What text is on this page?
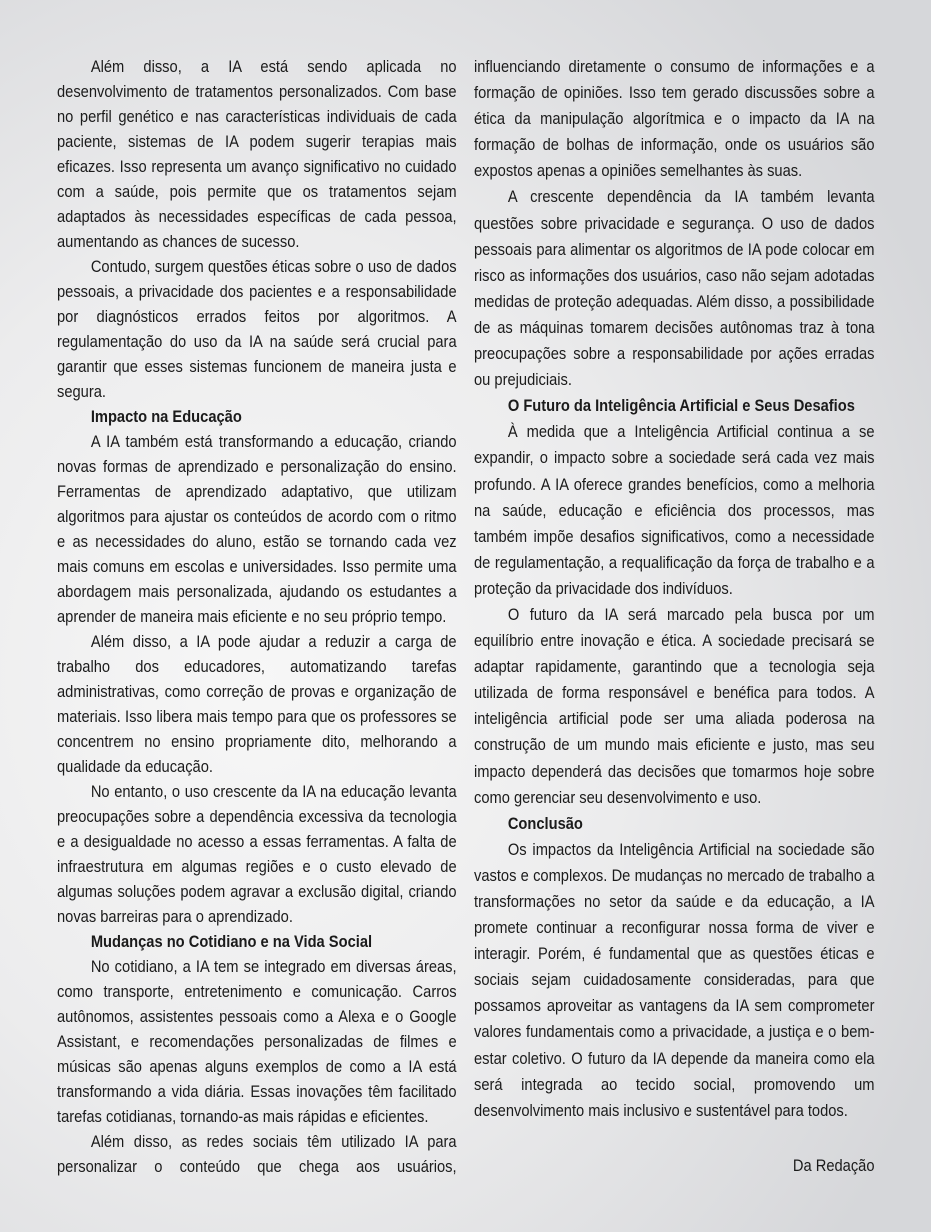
Além disso, a IA está sendo aplicada no desenvolvimento de tratamentos personalizados. Com base no perfil genético e nas características individuais de cada paciente, sistemas de IA podem sugerir terapias mais eficazes. Isso representa um avanço significativo no cuidado com a saúde, pois permite que os tratamentos sejam adaptados às necessidades específicas de cada pessoa, aumentando as chances de sucesso.

Contudo, surgem questões éticas sobre o uso de dados pessoais, a privacidade dos pacientes e a responsabilidade por diagnósticos errados feitos por algoritmos. A regulamentação do uso da IA na saúde será crucial para garantir que esses sistemas funcionem de maneira justa e segura.

Impacto na Educação

A IA também está transformando a educação, criando novas formas de aprendizado e personalização do ensino. Ferramentas de aprendizado adaptativo, que utilizam algoritmos para ajustar os conteúdos de acordo com o ritmo e as necessidades do aluno, estão se tornando cada vez mais comuns em escolas e universidades. Isso permite uma abordagem mais personalizada, ajudando os estudantes a aprender de maneira mais eficiente e no seu próprio tempo.

Além disso, a IA pode ajudar a reduzir a carga de trabalho dos educadores, automatizando tarefas administrativas, como correção de provas e organização de materiais. Isso libera mais tempo para que os professores se concentrem no ensino propriamente dito, melhorando a qualidade da educação.

No entanto, o uso crescente da IA na educação levanta preocupações sobre a dependência excessiva da tecnologia e a desigualdade no acesso a essas ferramentas. A falta de infraestrutura em algumas regiões e o custo elevado de algumas soluções podem agravar a exclusão digital, criando novas barreiras para o aprendizado.

Mudanças no Cotidiano e na Vida Social

No cotidiano, a IA tem se integrado em diversas áreas, como transporte, entretenimento e comunicação. Carros autônomos, assistentes pessoais como a Alexa e o Google Assistant, e recomendações personalizadas de filmes e músicas são apenas alguns exemplos de como a IA está transformando a vida diária. Essas inovações têm facilitado tarefas cotidianas, tornando-as mais rápidas e eficientes.

Além disso, as redes sociais têm utilizado IA para personalizar o conteúdo que chega aos usuários,

influenciando diretamente o consumo de informações e a formação de opiniões. Isso tem gerado discussões sobre a ética da manipulação algorítmica e o impacto da IA na formação de bolhas de informação, onde os usuários são expostos apenas a opiniões semelhantes às suas.

A crescente dependência da IA também levanta questões sobre privacidade e segurança. O uso de dados pessoais para alimentar os algoritmos de IA pode colocar em risco as informações dos usuários, caso não sejam adotadas medidas de proteção adequadas. Além disso, a possibilidade de as máquinas tomarem decisões autônomas traz à tona preocupações sobre a responsabilidade por ações erradas ou prejudiciais.

O Futuro da Inteligência Artificial e Seus Desafios

À medida que a Inteligência Artificial continua a se expandir, o impacto sobre a sociedade será cada vez mais profundo. A IA oferece grandes benefícios, como a melhoria na saúde, educação e eficiência dos processos, mas também impõe desafios significativos, como a necessidade de regulamentação, a requalificação da força de trabalho e a proteção da privacidade dos indivíduos.

O futuro da IA será marcado pela busca por um equilíbrio entre inovação e ética. A sociedade precisará se adaptar rapidamente, garantindo que a tecnologia seja utilizada de forma responsável e benéfica para todos. A inteligência artificial pode ser uma aliada poderosa na construção de um mundo mais eficiente e justo, mas seu impacto dependerá das decisões que tomarmos hoje sobre como gerenciar seu desenvolvimento e uso.

Conclusão

Os impactos da Inteligência Artificial na sociedade são vastos e complexos. De mudanças no mercado de trabalho a transformações no setor da saúde e da educação, a IA promete continuar a reconfigurar nossa forma de viver e interagir. Porém, é fundamental que as questões éticas e sociais sejam cuidadosamente consideradas, para que possamos aproveitar as vantagens da IA sem comprometer valores fundamentais como a privacidade, a justiça e o bem-estar coletivo. O futuro da IA depende da maneira como ela será integrada ao tecido social, promovendo um desenvolvimento mais inclusivo e sustentável para todos.

Da Redação
